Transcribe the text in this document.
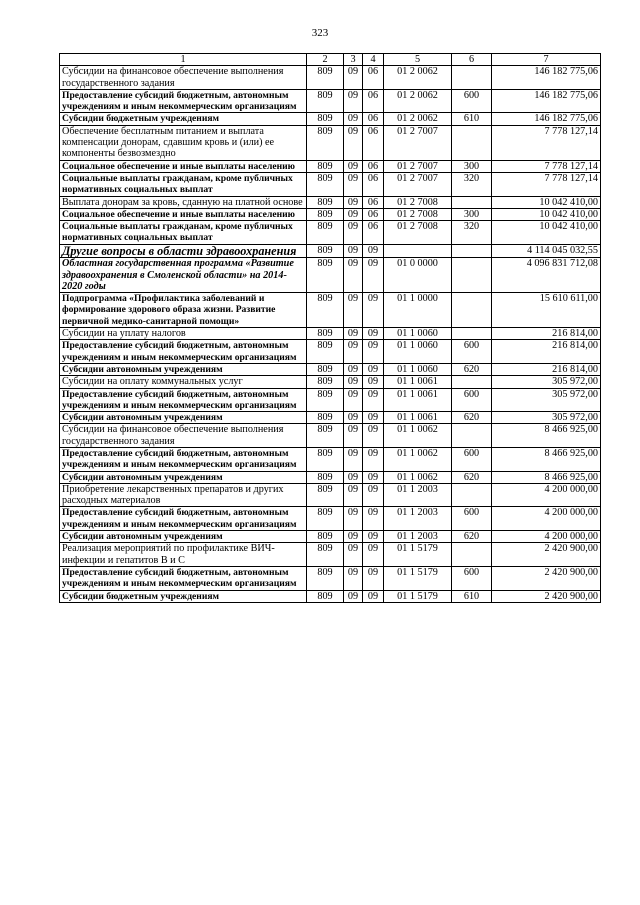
323
1	2	3	4	5	6	7
Субсидии на финансовое обеспечение выполнения государственного задания	809	09	06	01 2 0062		146 182 775,06
Предоставление субсидий бюджетным, автономным учреждениям и иным некоммерческим организациям	809	09	06	01 2 0062	600	146 182 775,06
Субсидии бюджетным учреждениям	809	09	06	01 2 0062	610	146 182 775,06
Обеспечение бесплатным питанием и выплата компенсации донорам, сдавшим кровь и (или) ее компоненты безвозмездно	809	09	06	01 2 7007		7 778 127,14
Социальное обеспечение и иные выплаты населению	809	09	06	01 2 7007	300	7 778 127,14
Социальные выплаты гражданам, кроме публичных нормативных социальных выплат	809	09	06	01 2 7007	320	7 778 127,14
Выплата донорам за кровь, сданную на платной основе	809	09	06	01 2 7008		10 042 410,00
Социальное обеспечение и иные выплаты населению	809	09	06	01 2 7008	300	10 042 410,00
Социальные выплаты гражданам, кроме публичных нормативных социальных выплат	809	09	06	01 2 7008	320	10 042 410,00
Другие вопросы в области здравоохранения	809	09	09			4 114 045 032,55
Областная государственная программа «Развитие здравоохранения в Смоленской области» на 2014-2020 годы	809	09	09	01 0 0000		4 096 831 712,08
Подпрограмма «Профилактика заболеваний и формирование здорового образа жизни. Развитие первичной медико-санитарной помощи»	809	09	09	01 1 0000		15 610 611,00
Субсидии на уплату налогов	809	09	09	01 1 0060		216 814,00
Предоставление субсидий бюджетным, автономным учреждениям и иным некоммерческим организациям	809	09	09	01 1 0060	600	216 814,00
Субсидии автономным учреждениям	809	09	09	01 1 0060	620	216 814,00
Субсидии на оплату коммунальных услуг	809	09	09	01 1 0061		305 972,00
Предоставление субсидий бюджетным, автономным учреждениям и иным некоммерческим организациям	809	09	09	01 1 0061	600	305 972,00
Субсидии автономным учреждениям	809	09	09	01 1 0061	620	305 972,00
Субсидии на финансовое обеспечение выполнения государственного задания	809	09	09	01 1 0062		8 466 925,00
Предоставление субсидий бюджетным, автономным учреждениям и иным некоммерческим организациям	809	09	09	01 1 0062	600	8 466 925,00
Субсидии автономным учреждениям	809	09	09	01 1 0062	620	8 466 925,00
Приобретение лекарственных препаратов и других расходных материалов	809	09	09	01 1 2003		4 200 000,00
Предоставление субсидий бюджетным, автономным учреждениям и иным некоммерческим организациям	809	09	09	01 1 2003	600	4 200 000,00
Субсидии автономным учреждениям	809	09	09	01 1 2003	620	4 200 000,00
Реализация мероприятий по профилактике ВИЧ-инфекции и гепатитов В и С	809	09	09	01 1 5179		2 420 900,00
Предоставление субсидий бюджетным, автономным учреждениям и иным некоммерческим организациям	809	09	09	01 1 5179	600	2 420 900,00
Субсидии бюджетным учреждениям	809	09	09	01 1 5179	610	2 420 900,00
